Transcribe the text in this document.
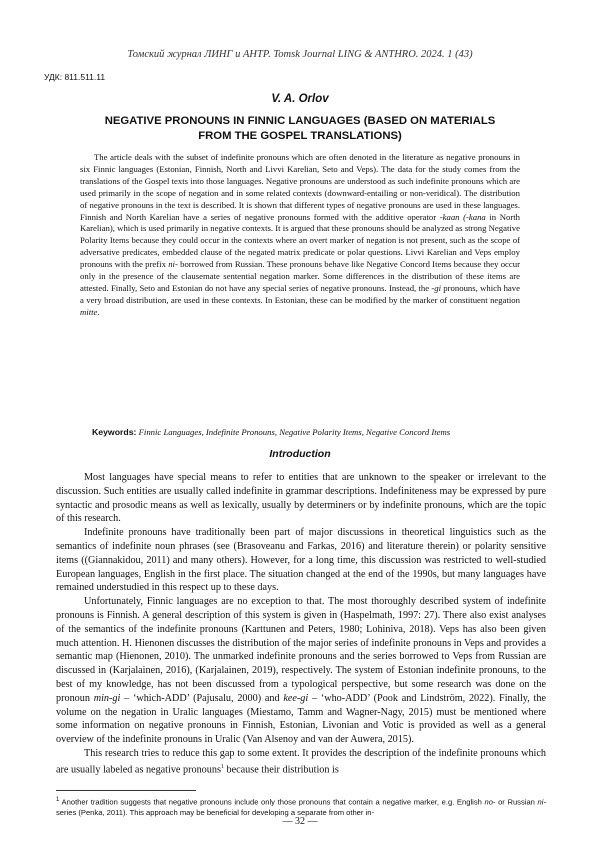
Томский журнал ЛИНГ и АНТР. Tomsk Journal LING & ANTHRO. 2024. 1 (43)
УДК: 811.511.11
V. A. Orlov
NEGATIVE PRONOUNS IN FINNIC LANGUAGES (BASED ON MATERIALS
FROM THE GOSPEL TRANSLATIONS)

The article deals with the subset of indefinite pronouns which are often denoted in the literature as negative pronouns in six Finnic languages (Estonian, Finnish, North and Livvi Karelian, Seto and Veps). The data for the study comes from the translations of the Gospel texts into those languages. Negative pronouns are understood as such indefinite pronouns which are used primarily in the scope of negation and in some related contexts (downward-entailing or non-veridical). The distribution of negative pronouns in the text is described. It is shown that different types of negative pronouns are used in these languages. Finnish and North Karelian have a series of negative pronouns formed with the additive operator -kaan (-kana in North Karelian), which is used primarily in negative contexts. It is argued that these pronouns should be analyzed as strong Negative Polarity Items because they could occur in the contexts where an overt marker of negation is not present, such as the scope of adversative predicates, embedded clause of the negated matrix predicate or polar questions. Livvi Karelian and Veps employ pronouns with the prefix ni- borrowed from Russian. These pronouns behave like Negative Concord Items because they occur only in the presence of the clausemate sentential negation marker. Some differences in the distribution of these items are attested. Finally, Seto and Estonian do not have any special series of negative pronouns. Instead, the -gi pronouns, which have a very broad distribution, are used in these contexts. In Estonian, these can be modified by the marker of constituent negation mitte.

Keywords: Finnic Languages, Indefinite Pronouns, Negative Polarity Items, Negative Concord Items

Introduction

Most languages have special means to refer to entities that are unknown to the speaker or irrelevant to the discussion. Such entities are usually called indefinite in grammar descriptions. Indefiniteness may be expressed by pure syntactic and prosodic means as well as lexically, usually by determiners or by indefinite pronouns, which are the topic of this research.

Indefinite pronouns have traditionally been part of major discussions in theoretical linguistics such as the semantics of indefinite noun phrases (see (Brasoveanu and Farkas, 2016) and literature therein) or polarity sensitive items ((Giannakidou, 2011) and many others). However, for a long time, this discussion was restricted to well-studied European languages, English in the first place. The situation changed at the end of the 1990s, but many languages have remained understudied in this respect up to these days.

Unfortunately, Finnic languages are no exception to that. The most thoroughly described system of indefinite pronouns is Finnish. A general description of this system is given in (Haspelmath, 1997: 27). There also exist analyses of the semantics of the indefinite pronouns (Karttunen and Peters, 1980; Lohiniva, 2018). Veps has also been given much attention. H. Hienonen discusses the distribution of the major series of indefinite pronouns in Veps and provides a semantic map (Hienonen, 2010). The unmarked indefinite pronouns and the series borrowed to Veps from Russian are discussed in (Karjalainen, 2016), (Karjalainen, 2019), respectively. The system of Estonian indefinite pronouns, to the best of my knowledge, has not been discussed from a typological perspective, but some research was done on the pronoun min-gi – ‘which-ADD’ (Pajusalu, 2000) and kee-gi – ‘who-ADD’ (Pook and Lindström, 2022). Finally, the volume on the negation in Uralic languages (Miestamo, Tamm and Wagner-Nagy, 2015) must be mentioned where some information on negative pronouns in Finnish, Estonian, Livonian and Votic is provided as well as a general overview of the indefinite pronouns in Uralic (Van Alsenoy and van der Auwera, 2015).

This research tries to reduce this gap to some extent. It provides the description of the indefinite pronouns which are usually labeled as negative pronouns$^1$ because their distribution is

$^1$ Another tradition suggests that negative pronouns include only those pronouns that contain a negative marker, e.g. English no- or Russian ni- series (Penka, 2011). This approach may be beneficial for developing a separate from other in-

— 32 —
